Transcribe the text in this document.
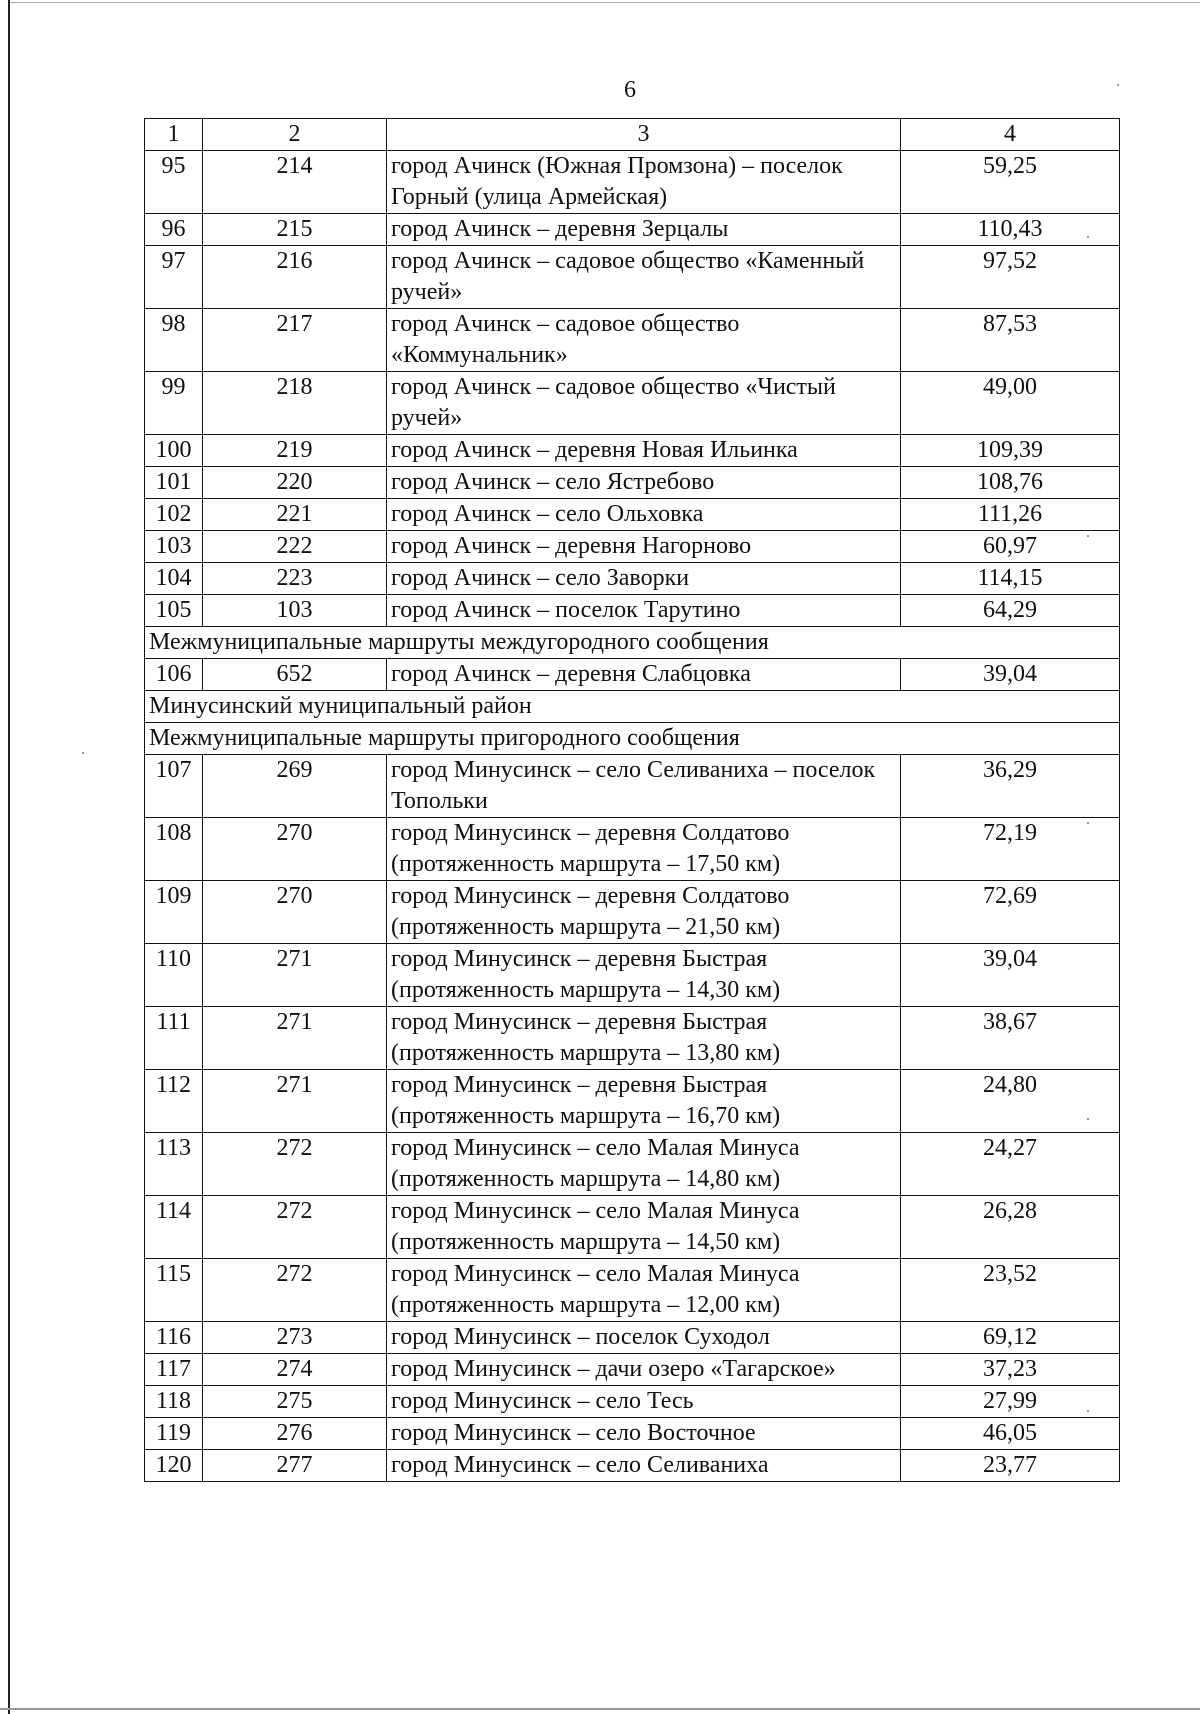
6
1	2	3	4
95	214	город Ачинск (Южная Промзона) – поселок Горный (улица Армейская)	59,25
96	215	город Ачинск – деревня Зерцалы	110,43
97	216	город Ачинск – садовое общество «Каменный ручей»	97,52
98	217	город Ачинск – садовое общество «Коммунальник»	87,53
99	218	город Ачинск – садовое общество «Чистый ручей»	49,00
100	219	город Ачинск – деревня Новая Ильинка	109,39
101	220	город Ачинск – село Ястребово	108,76
102	221	город Ачинск – село Ольховка	111,26
103	222	город Ачинск – деревня Нагорново	60,97
104	223	город Ачинск – село Заворки	114,15
105	103	город Ачинск – поселок Тарутино	64,29
Межмуниципальные маршруты междугородного сообщения			
106	652	город Ачинск – деревня Слабцовка	39,04
Минусинский муниципальный район			
Межмуниципальные маршруты пригородного сообщения			
107	269	город Минусинск – село Селиваниха – поселок Топольки	36,29
108	270	город Минусинск – деревня Солдатово (протяженность маршрута – 17,50 км)	72,19
109	270	город Минусинск – деревня Солдатово (протяженность маршрута – 21,50 км)	72,69
110	271	город Минусинск – деревня Быстрая (протяженность маршрута – 14,30 км)	39,04
111	271	город Минусинск – деревня Быстрая (протяженность маршрута – 13,80 км)	38,67
112	271	город Минусинск – деревня Быстрая (протяженность маршрута – 16,70 км)	24,80
113	272	город Минусинск – село Малая Минуса (протяженность маршрута – 14,80 км)	24,27
114	272	город Минусинск – село Малая Минуса (протяженность маршрута – 14,50 км)	26,28
115	272	город Минусинск – село Малая Минуса (протяженность маршрута – 12,00 км)	23,52
116	273	город Минусинск – поселок Суходол	69,12
117	274	город Минусинск – дачи озеро «Тагарское»	37,23
118	275	город Минусинск – село Тесь	27,99
119	276	город Минусинск – село Восточное	46,05
120	277	город Минусинск – село Селиваниха	23,77
